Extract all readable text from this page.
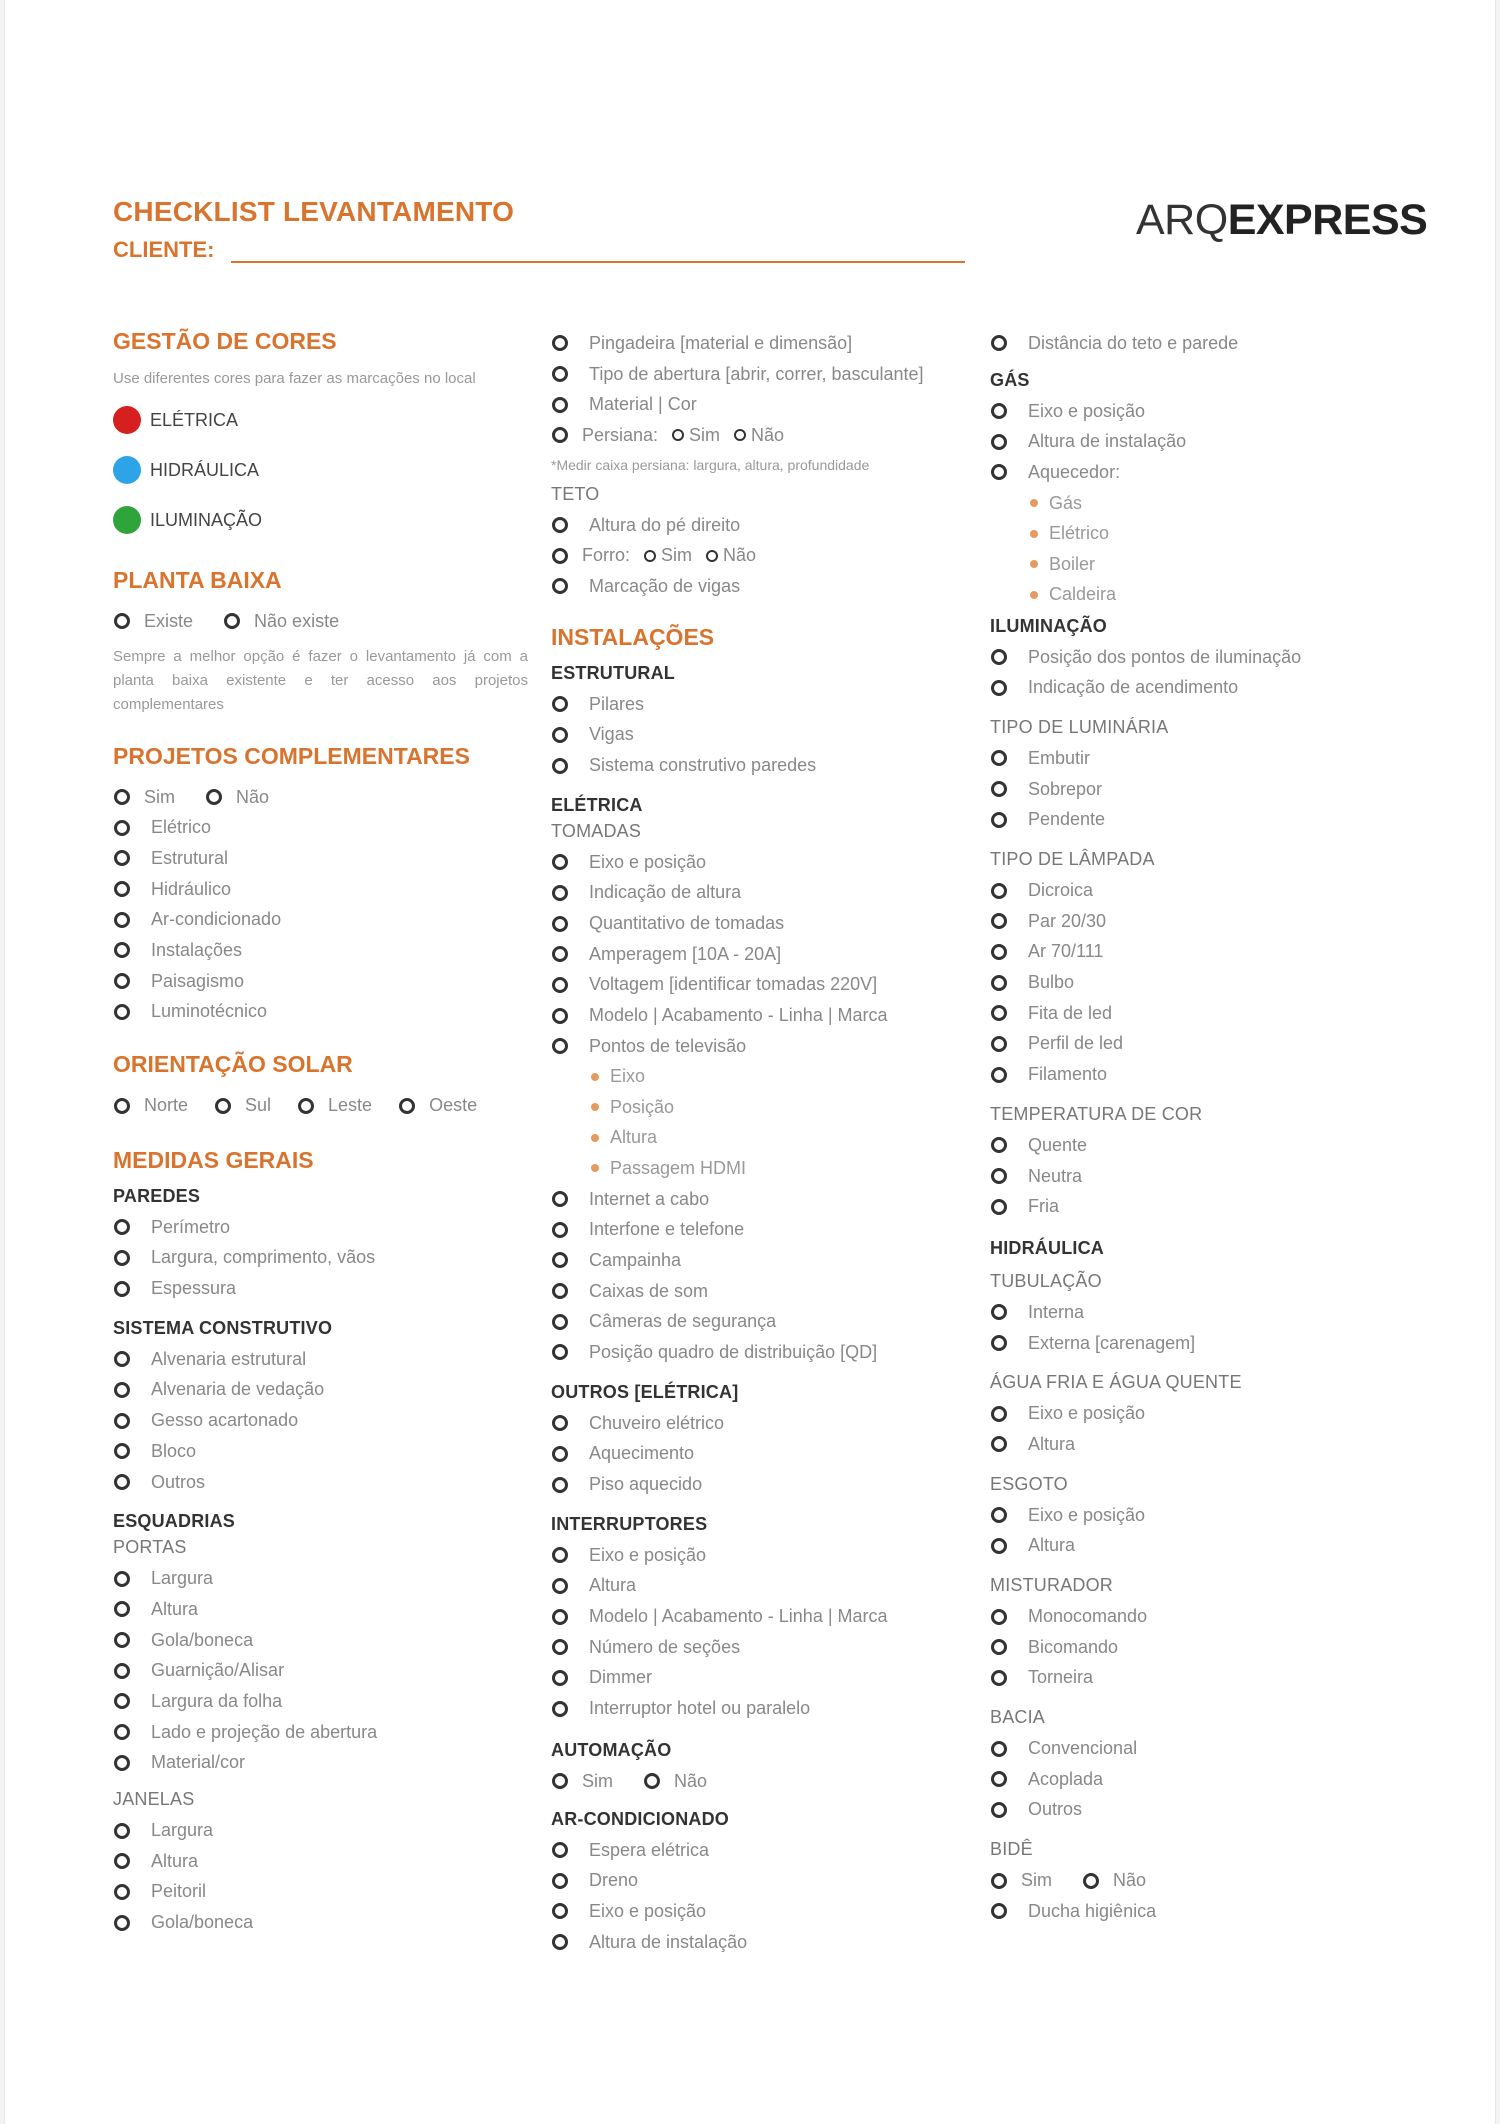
CHECKLIST LEVANTAMENTO
CLIENTE:
ARQEXPRESS
GESTÃO DE CORES
Use diferentes cores para fazer as marcações no local
ELÉTRICA
HIDRÁULICA
ILUMINAÇÃO
PLANTA BAIXA
Existe	Não existe
Sempre a melhor opção é fazer o levantamento já com a planta baixa existente e ter acesso aos projetos complementares
PROJETOS COMPLEMENTARES
Sim	Não
Elétrico
Estrutural
Hidráulico
Ar-condicionado
Instalações
Paisagismo
Luminotécnico
ORIENTAÇÃO SOLAR
Norte	Sul	Leste	Oeste
MEDIDAS GERAIS
PAREDES
Perímetro
Largura, comprimento, vãos
Espessura
SISTEMA CONSTRUTIVO
Alvenaria estrutural
Alvenaria de vedação
Gesso acartonado
Bloco
Outros
ESQUADRIAS
PORTAS
Largura
Altura
Gola/boneca
Guarnição/Alisar
Largura da folha
Lado e projeção de abertura
Material/cor
JANELAS
Largura
Altura
Peitoril
Gola/boneca
Pingadeira [material e dimensão]
Tipo de abertura [abrir, correr, basculante]
Material | Cor
Persiana: Sim Não
*Medir caixa persiana: largura, altura, profundidade
TETO
Altura do pé direito
Forro: Sim Não
Marcação de vigas
INSTALAÇÕES
ESTRUTURAL
Pilares
Vigas
Sistema construtivo paredes
ELÉTRICA
TOMADAS
Eixo e posição
Indicação de altura
Quantitativo de tomadas
Amperagem [10A - 20A]
Voltagem [identificar tomadas 220V]
Modelo | Acabamento - Linha | Marca
Pontos de televisão
Eixo
Posição
Altura
Passagem HDMI
Internet a cabo
Interfone e telefone
Campainha
Caixas de som
Câmeras de segurança
Posição quadro de distribuição [QD]
OUTROS [ELÉTRICA]
Chuveiro elétrico
Aquecimento
Piso aquecido
INTERRUPTORES
Eixo e posição
Altura
Modelo | Acabamento - Linha | Marca
Número de seções
Dimmer
Interruptor hotel ou paralelo
AUTOMAÇÃO
Sim	Não
AR-CONDICIONADO
Espera elétrica
Dreno
Eixo e posição
Altura de instalação
Distância do teto e parede
GÁS
Eixo e posição
Altura de instalação
Aquecedor:
Gás
Elétrico
Boiler
Caldeira
ILUMINAÇÃO
Posição dos pontos de iluminação
Indicação de acendimento
TIPO DE LUMINÁRIA
Embutir
Sobrepor
Pendente
TIPO DE LÂMPADA
Dicroica
Par 20/30
Ar 70/111
Bulbo
Fita de led
Perfil de led
Filamento
TEMPERATURA DE COR
Quente
Neutra
Fria
HIDRÁULICA
TUBULAÇÃO
Interna
Externa [carenagem]
ÁGUA FRIA E ÁGUA QUENTE
Eixo e posição
Altura
ESGOTO
Eixo e posição
Altura
MISTURADOR
Monocomando
Bicomando
Torneira
BACIA
Convencional
Acoplada
Outros
BIDÊ
Sim	Não
Ducha higiênica
